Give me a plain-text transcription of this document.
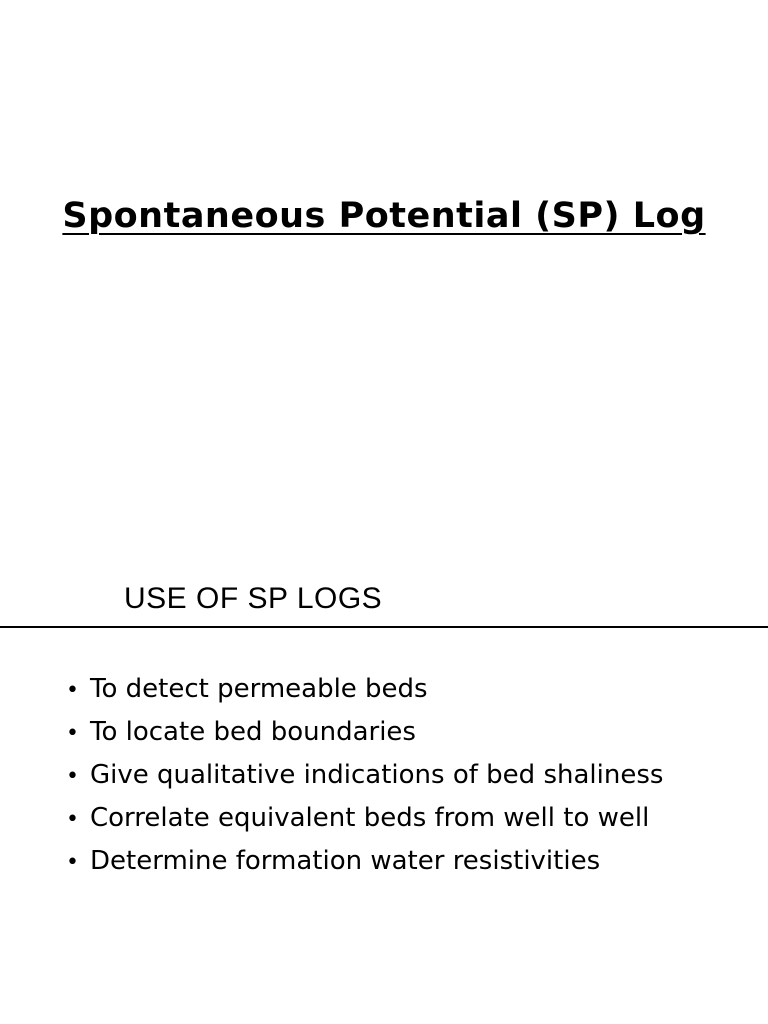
Spontaneous Potential (SP) Log
USE OF SP LOGS
• To detect permeable beds
• To locate bed boundaries
• Give qualitative indications of bed shaliness
• Correlate equivalent beds from well to well
• Determine formation water resistivities
